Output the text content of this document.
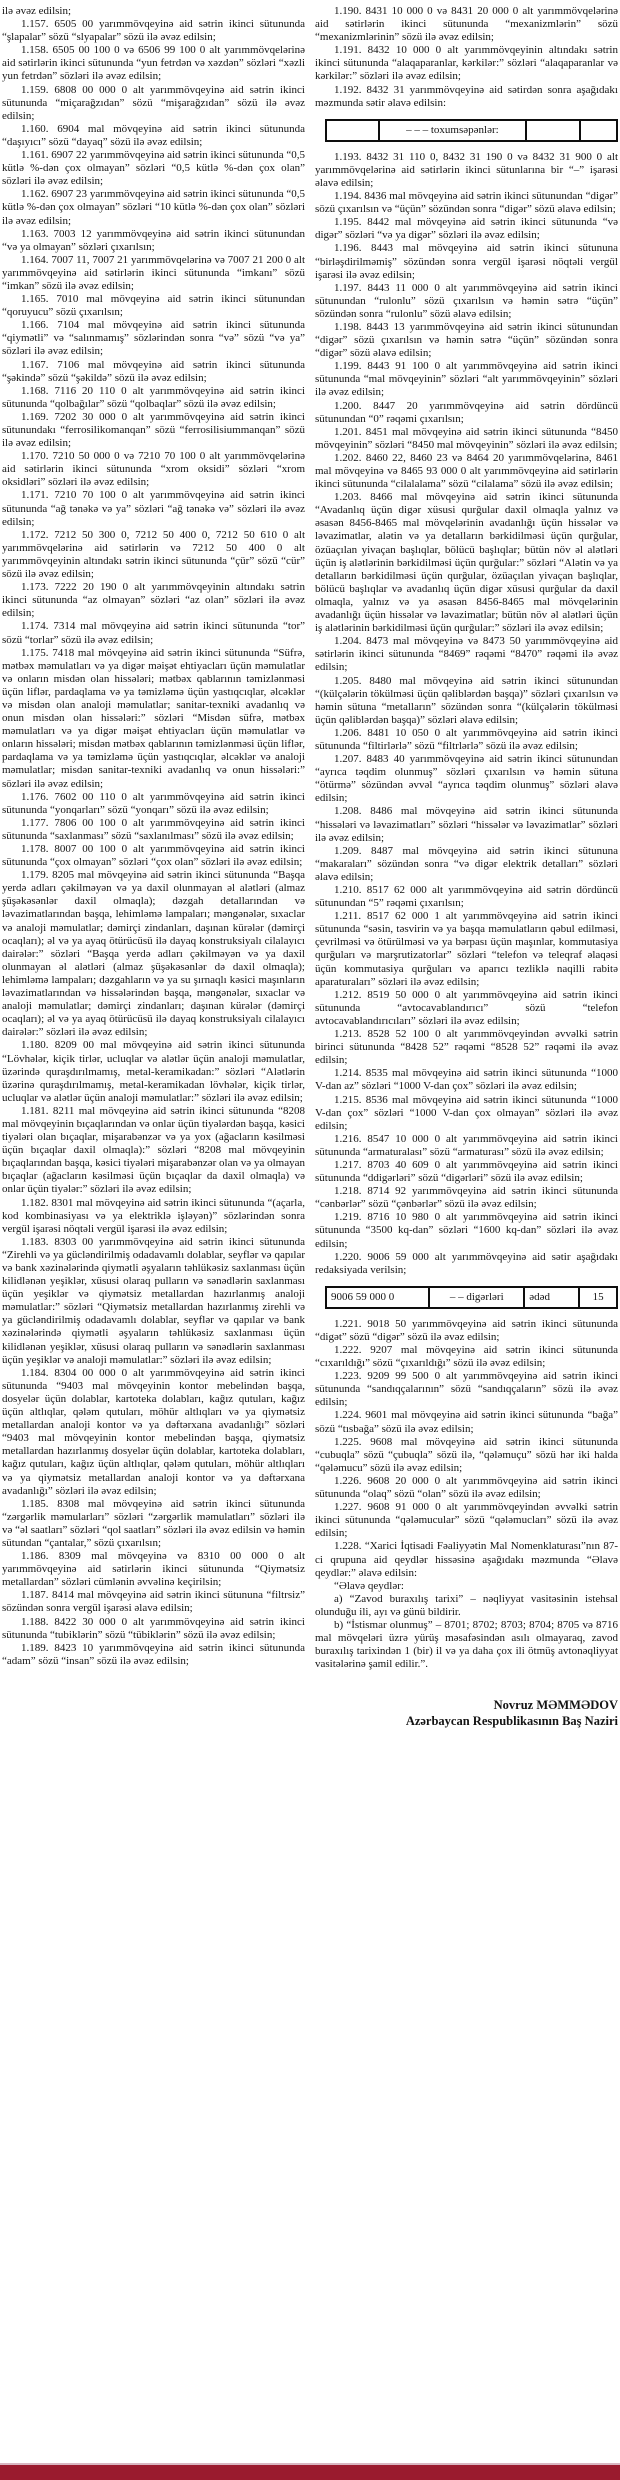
ilə əvəz edilsin;

1.157. 6505 00 yarımmövqeyinə aid sətrin ikinci sütununda “şlapalar” sözü “slyapalar” sözü ilə əvəz edilsin;

1.158. 6505 00 100 0 və 6506 99 100 0 alt yarımmövqelərinə aid sətirlərin ikinci sütununda “yun fetrdən və xəzdən” sözləri “xəzli yun fetrdən” sözləri ilə əvəz edilsin;

1.159. 6808 00 000 0 alt yarımmövqeyinə aid sətrin ikinci sütununda “miçarağzıdan” sözü “mişarağzıdan” sözü ilə əvəz edilsin;

1.160. 6904 mal mövqeyinə aid sətrin ikinci sütununda “daşıyıcı” sözü “dayaq” sözü ilə əvəz edilsin;

1.161. 6907 22 yarımmövqeyinə aid sətrin ikinci sütununda “0,5 kütlə %-dən çox olmayan” sözləri “0,5 kütlə %-dən çox olan” sözləri ilə əvəz edilsin;

1.162. 6907 23 yarımmövqeyinə aid sətrin ikinci sütununda “0,5 kütlə %-dən çox olmayan” sözləri “10 kütlə %-dən çox olan” sözləri ilə əvəz edilsin;

1.163. 7003 12 yarımmövqeyinə aid sətrin ikinci sütunundan “və ya olmayan” sözləri çıxarılsın;

1.164. 7007 11, 7007 21 yarımmövqelərinə və 7007 21 200 0 alt yarımmövqeyinə aid sətirlərin ikinci sütununda “imkanı” sözü “imkan” sözü ilə əvəz edilsin;

1.165. 7010 mal mövqeyinə aid sətrin ikinci sütunundan “qoruyucu” sözü çıxarılsın;

1.166. 7104 mal mövqeyinə aid sətrin ikinci sütununda “qiymətli” və “salınmamış” sözlərindən sonra “və” sözü “və ya” sözləri ilə əvəz edilsin;

1.167. 7106 mal mövqeyinə aid sətrin ikinci sütununda “şəkində” sözü “şəkildə” sözü ilə əvəz edilsin;

1.168. 7116 20 110 0 alt yarımmövqeyinə aid sətrin ikinci sütununda “qolbağılar” sözü “qolbaqlar” sözü ilə əvəz edilsin;

1.169. 7202 30 000 0 alt yarımmövqeyinə aid sətrin ikinci sütunundakı “ferrosilikomanqan” sözü “ferrosilisiummanqan” sözü ilə əvəz edilsin;

1.170. 7210 50 000 0 və 7210 70 100 0 alt yarımmövqelərinə aid sətirlərin ikinci sütununda “xrom oksidi” sözləri “xrom oksidləri” sözləri ilə əvəz edilsin;

1.171. 7210 70 100 0 alt yarımmövqeyinə aid sətrin ikinci sütununda “ağ tənəkə və ya” sözləri “ağ tənəkə və” sözləri ilə əvəz edilsin;

1.172. 7212 50 300 0, 7212 50 400 0, 7212 50 610 0 alt yarımmövqelərinə aid sətirlərin və 7212 50 400 0 alt yarımmövqeyinin altındakı sətrin ikinci sütununda “çür” sözü “cür” sözü ilə əvəz edilsin;

1.173. 7222 20 190 0 alt yarımmövqeyinin altındakı sətrin ikinci sütununda “az olmayan” sözləri “az olan” sözləri ilə əvəz edilsin;

1.174. 7314 mal mövqeyinə aid sətrin ikinci sütununda “tor” sözü “torlar” sözü ilə əvəz edilsin;

1.175. 7418 mal mövqeyinə aid sətrin ikinci sütununda “Süfrə, mətbəx məmulatları və ya digər məişət ehtiyacları üçün məmulatlar və onların misdən olan hissələri; mətbəx qablarının təmizlənməsi üçün liflər, pardaqlama və ya təmizləmə üçün yastıqcıqlar, əlcəklər və misdən olan analoji məmulatlar; sanitar-texniki avadanlıq və onun misdən olan hissələri:” sözləri “Misdən süfrə, mətbəx məmulatları və ya digər məişət ehtiyacları üçün məmulatlar və onların hissələri; misdən mətbəx qablarının təmizlənməsi üçün liflər, pardaqlama və ya təmizləmə üçün yastıqcıqlar, əlcəklər və analoji məmulatlar; misdən sanitar-texniki avadanlıq və onun hissələri:” sözləri ilə əvəz edilsin;

1.176. 7602 00 110 0 alt yarımmövqeyinə aid sətrin ikinci sütununda “yonqarları” sözü “yonqarı” sözü ilə əvəz edilsin;

1.177. 7806 00 100 0 alt yarımmövqeyinə aid sətrin ikinci sütununda “saxlanması” sözü “saxlanılması” sözü ilə əvəz edilsin;

1.178. 8007 00 100 0 alt yarımmövqeyinə aid sətrin ikinci sütununda “çox olmayan” sözləri “çox olan” sözləri ilə əvəz edilsin;

1.179. 8205 mal mövqeyinə aid sətrin ikinci sütununda “Başqa yerdə adları çəkilməyən və ya daxil olunmayan əl alətləri (almaz şüşəkəsənlər daxil olmaqla); dəzgah detallarından və ləvazimatlarından başqa, lehimləmə lampaları; məngənələr, sıxaclar və analoji məmulatlar; dəmirçi zindanları, daşınan kürələr (dəmirçi ocaqları); əl və ya ayaq ötürücüsü ilə dayaq konstruksiyalı cilalayıcı dairələr:” sözləri “Başqa yerdə adları çəkilməyən və ya daxil olunmayan əl alətləri (almaz şüşəkəsənlər də daxil olmaqla); lehimləmə lampaları; dəzgahların və ya su şırnaqlı kəsici maşınların ləvazimatlarından və hissələrindən başqa, məngənələr, sıxaclar və analoji məmulatlar; dəmirçi zindanları; daşınan kürələr (dəmirçi ocaqları); əl və ya ayaq ötürücüsü ilə dayaq konstruksiyalı cilalayıcı dairələr:” sözləri ilə əvəz edilsin;

1.180. 8209 00 mal mövqeyinə aid sətrin ikinci sütununda “Lövhələr, kiçik tirlər, ucluqlar və alətlər üçün analoji məmulatlar, üzərində quraşdırılmamış, metal-keramikadan:” sözləri “Alətlərin üzərinə quraşdırılmamış, metal-keramikadan lövhələr, kiçik tirlər, ucluqlar və alətlər üçün analoji məmulatlar:” sözləri ilə əvəz edilsin;

1.181. 8211 mal mövqeyinə aid sətrin ikinci sütununda “8208 mal mövqeyinin bıçaqlarından və onlar üçün tiyələrdən başqa, kəsici tiyələri olan bıçaqlar, mişarabənzər və ya yox (ağacların kəsilməsi üçün bıçaqlar daxil olmaqla):” sözləri “8208 mal mövqeyinin bıçaqlarından başqa, kəsici tiyələri mişarabənzər olan və ya olmayan bıçaqlar (ağacların kəsilməsi üçün bıçaqlar da daxil olmaqla) və onlar üçün tiyələr:” sözləri ilə əvəz edilsin;

1.182. 8301 mal mövqeyinə aid sətrin ikinci sütununda “(açarla, kod kombinasiyası və ya elektriklə işləyən)” sözlərindən sonra vergül işarəsi nöqtəli vergül işarəsi ilə əvəz edilsin;

1.183. 8303 00 yarımmövqeyinə aid sətrin ikinci sütununda “Zirehli və ya gücləndirilmiş odadavamlı dolablar, seyflər və qapılar və bank xəzinələrində qiymətli əşyaların təhlükəsiz saxlanması üçün kilidlənən yeşiklər, xüsusi olaraq pulların və sənədlərin saxlanması üçün yeşiklər və qiymətsiz metallardan hazırlanmış analoji məmulatlar:” sözləri “Qiymətsiz metallardan hazırlanmış zirehli və ya gücləndirilmiş odadavamlı dolablar, seyflər və qapılar və bank xəzinələrində qiymətli əşyaların təhlükəsiz saxlanması üçün kilidlənən yeşiklər, xüsusi olaraq pulların və sənədlərin saxlanması üçün yeşiklər və analoji məmulatlar:” sözləri ilə əvəz edilsin;

1.184. 8304 00 000 0 alt yarımmövqeyinə aid sətrin ikinci sütununda “9403 mal mövqeyinin kontor mebelindən başqa, dosyelər üçün dolablar, kartoteka dolabları, kağız qutuları, kağız üçün altlıqlar, qələm qutuları, möhür altlıqları və ya qiymətsiz metallardan analoji kontor və ya dəftərxana avadanlığı” sözləri “9403 mal mövqeyinin kontor mebelindən başqa, qiymətsiz metallardan hazırlanmış dosyelər üçün dolablar, kartoteka dolabları, kağız qutuları, kağız üçün altlıqlar, qələm qutuları, möhür altlıqları və ya qiymətsiz metallardan analoji kontor və ya dəftərxana avadanlığı” sözləri ilə əvəz edilsin;

1.185. 8308 mal mövqeyinə aid sətrin ikinci sütununda “zərgərlik məmularları” sözləri “zərgərlik məmulatları” sözləri ilə və “əl saatları” sözləri “qol saatları” sözləri ilə əvəz edilsin və həmin sütundan “çantalar,” sözü çıxarılsın;

1.186. 8309 mal mövqeyinə və 8310 00 000 0 alt yarımmövqeyinə aid sətirlərin ikinci sütununda “Qiymətsiz metallardan” sözləri cümlənin əvvəlinə keçirilsin;

1.187. 8414 mal mövqeyinə aid sətrin ikinci sütununa “filtrsiz” sözündən sonra vergül işarəsi əlavə edilsin;

1.188. 8422 30 000 0 alt yarımmövqeyinə aid sətrin ikinci sütununda “tubiklərin” sözü “tübiklərin” sözü ilə əvəz edilsin;

1.189. 8423 10 yarımmövqeyinə aid sətrin ikinci sütununda “adam” sözü “insan” sözü ilə əvəz edilsin;

1.190. 8431 10 000 0 və 8431 20 000 0 alt yarımmövqelərinə aid sətirlərin ikinci sütununda “mexanizmlərin” sözü “mexanizmlərinin” sözü ilə əvəz edilsin;

1.191. 8432 10 000 0 alt yarımmövqeyinin altındakı sətrin ikinci sütununda “alaqaparanlar, kərkilər:” sözləri “alaqaparanlar və kərkilər:” sözləri ilə əvəz edilsin;

1.192. 8432 31 yarımmövqeyinə aid sətirdən sonra aşağıdakı məzmunda sətir əlavə edilsin:

	– – – toxumsəpənlər:		

1.193. 8432 31 110 0, 8432 31 190 0 və 8432 31 900 0 alt yarımmövqelərinə aid sətirlərin ikinci sütunlarına bir “–” işarəsi əlavə edilsin;

1.194. 8436 mal mövqeyinə aid sətrin ikinci sütunundan “digər” sözü çıxarılsın və “üçün” sözündən sonra “digər” sözü əlavə edilsin;

1.195. 8442 mal mövqeyinə aid sətrin ikinci sütununda “və digər” sözləri “və ya digər” sözləri ilə əvəz edilsin;

1.196. 8443 mal mövqeyinə aid sətrin ikinci sütununa “birləşdirilməmiş” sözündən sonra vergül işarəsi nöqtəli vergül işarəsi ilə əvəz edilsin;

1.197. 8443 11 000 0 alt yarımmövqeyinə aid sətrin ikinci sütunundan “rulonlu” sözü çıxarılsın və həmin sətrə “üçün” sözündən sonra “rulonlu” sözü əlavə edilsin;

1.198. 8443 13 yarımmövqeyinə aid sətrin ikinci sütunundan “digər” sözü çıxarılsın və həmin sətrə “üçün” sözündən sonra “digər” sözü əlavə edilsin;

1.199. 8443 91 100 0 alt yarımmövqeyinə aid sətrin ikinci sütununda “mal mövqeyinin” sözləri “alt yarımmövqeyinin” sözləri ilə əvəz edilsin;

1.200. 8447 20 yarımmövqeyinə aid sətrin dördüncü sütunundan “0” rəqəmi çıxarılsın;

1.201. 8451 mal mövqeyinə aid sətrin ikinci sütununda “8450 mövqeyinin” sözləri “8450 mal mövqeyinin” sözləri ilə əvəz edilsin;

1.202. 8460 22, 8460 23 və 8464 20 yarımmövqelərinə, 8461 mal mövqeyinə və 8465 93 000 0 alt yarımmövqeyinə aid sətirlərin ikinci sütununda “cilalalama” sözü “cilalama” sözü ilə əvəz edilsin;

1.203. 8466 mal mövqeyinə aid sətrin ikinci sütununda “Avadanlıq üçün digər xüsusi qurğular daxil olmaqla yalnız və əsasən 8456-8465 mal mövqelərinin avadanlığı üçün hissələr və ləvazimatlar, alətin və ya detalların bərkidilməsi üçün qurğular, özüaçılan yivaçan başlıqlar, bölücü başlıqlar; bütün növ əl alətləri üçün iş alətlərinin bərkidilməsi üçün qurğular:” sözləri “Alətin və ya detalların bərkidilməsi üçün qurğular, özüaçılan yivaçan başlıqlar, bölücü başlıqlar və avadanlıq üçün digər xüsusi qurğular da daxil olmaqla, yalnız və ya əsasən 8456-8465 mal mövqelərinin avadanlığı üçün hissələr və ləvazimatlar; bütün növ əl alətləri üçün iş alətlərinin bərkidilməsi üçün qurğular:” sözləri ilə əvəz edilsin;

1.204. 8473 mal mövqeyinə və 8473 50 yarımmövqeyinə aid sətirlərin ikinci sütununda “8469” rəqəmi “8470” rəqəmi ilə əvəz edilsin;

1.205. 8480 mal mövqeyinə aid sətrin ikinci sütunundan “(külçələrin tökülməsi üçün qəliblərdən başqa)” sözləri çıxarılsın və həmin sütuna “metalların” sözündən sonra “(külçələrin tökülməsi üçün qəliblərdən başqa)” sözləri əlavə edilsin;

1.206. 8481 10 050 0 alt yarımmövqeyinə aid sətrin ikinci sütununda “filtirlərlə” sözü “filtrlərlə” sözü ilə əvəz edilsin;

1.207. 8483 40 yarımmövqeyinə aid sətrin ikinci sütunundan “ayrıca təqdim olunmuş” sözləri çıxarılsın və həmin sütuna “ötürmə” sözündən əvvəl “ayrıca təqdim olunmuş” sözləri əlavə edilsin;

1.208. 8486 mal mövqeyinə aid sətrin ikinci sütununda “hissələri və ləvazimatları” sözləri “hissələr və ləvazimatlar” sözləri ilə əvəz edilsin;

1.209. 8487 mal mövqeyinə aid sətrin ikinci sütununa “makaraları” sözündən sonra “və digər elektrik detalları” sözləri əlavə edilsin;

1.210. 8517 62 000 alt yarımmövqeyinə aid sətrin dördüncü sütunundan “5” rəqəmi çıxarılsın;

1.211. 8517 62 000 1 alt yarımmövqeyinə aid sətrin ikinci sütununda “səsin, təsvirin və ya başqa məmulatların qəbul edilməsi, çevrilməsi və ötürülməsi və ya bərpası üçün maşınlar, kommutasiya qurğuları və marşrutizatorlar” sözləri “telefon və teleqraf əlaqəsi üçün kommutasiya qurğuları və aparıcı tezliklə naqilli rabitə aparaturaları” sözləri ilə əvəz edilsin;

1.212. 8519 50 000 0 alt yarımmövqeyinə aid sətrin ikinci sütununda “avtocavablandırıcı” sözü “telefon avtocavablandırıcıları” sözləri ilə əvəz edilsin;

1.213. 8528 52 100 0 alt yarımmövqeyindən əvvəlki sətrin birinci sütununda “8428 52” rəqəmi “8528 52” rəqəmi ilə əvəz edilsin;

1.214. 8535 mal mövqeyinə aid sətrin ikinci sütununda “1000 V-dan az” sözləri “1000 V-dan çox” sözləri ilə əvəz edilsin;

1.215. 8536 mal mövqeyinə aid sətrin ikinci sütununda “1000 V-dan çox” sözləri “1000 V-dan çox olmayan” sözləri ilə əvəz edilsin;

1.216. 8547 10 000 0 alt yarımmövqeyinə aid sətrin ikinci sütununda “armaturalası” sözü “armaturası” sözü ilə əvəz edilsin;

1.217. 8703 40 609 0 alt yarımmövqeyinə aid sətrin ikinci sütununda “ddigərləri” sözü “digərləri” sözü ilə əvəz edilsin;

1.218. 8714 92 yarımmövqeyinə aid sətrin ikinci sütununda “cənbərlər” sözü “çənbərlər” sözü ilə əvəz edilsin;

1.219. 8716 10 980 0 alt yarımmövqeyinə aid sətrin ikinci sütununda “3500 kq-dan” sözləri “1600 kq-dan” sözləri ilə əvəz edilsin;

1.220. 9006 59 000 alt yarımmövqeyinə aid sətir aşağıdakı redaksiyada verilsin;

9006 59 000 0	– – digərləri	ədəd	15

1.221. 9018 50 yarımmövqeyinə aid sətrin ikinci sütununda “digət” sözü “digər” sözü ilə əvəz edilsin;

1.222. 9207 mal mövqeyinə aid sətrin ikinci sütununda “cıxarıldığı” sözü “çıxarıldığı” sözü ilə əvəz edilsin;

1.223. 9209 99 500 0 alt yarımmövqeyinə aid sətrin ikinci sütununda “sandıqçalarının” sözü “sandıqçaların” sözü ilə əvəz edilsin;

1.224. 9601 mal mövqeyinə aid sətrin ikinci sütununda “bağa” sözü “tısbağa” sözü ilə əvəz edilsin;

1.225. 9608 mal mövqeyinə aid sətrin ikinci sütununda “cubuqla” sözü “çubuqla” sözü ilə, “qələmuçu” sözü hər iki halda “qələmucu” sözü ilə əvəz edilsin;

1.226. 9608 20 000 0 alt yarımmövqeyinə aid sətrin ikinci sütununda “olaq” sözü “olan” sözü ilə əvəz edilsin;

1.227. 9608 91 000 0 alt yarımmövqeyindən əvvəlki sətrin ikinci sütununda “qələmucular” sözü “qələmucları” sözü ilə əvəz edilsin;

1.228. “Xarici İqtisadi Fəaliyyətin Mal Nomenklaturası”nın 87-ci qrupuna aid qeydlər hissəsinə aşağıdakı məzmunda “Əlavə qeydlər:” əlavə edilsin:

“Əlavə qeydlər:

a) “Zavod buraxılış tarixi” – nəqliyyat vasitəsinin istehsal olunduğu ili, ayı və günü bildirir.

b) “İstismar olunmuş” – 8701; 8702; 8703; 8704; 8705 və 8716 mal mövqeləri üzrə yürüş məsafəsindən asılı olmayaraq, zavod buraxılış tarixindən 1 (bir) il və ya daha çox ili ötmüş avtonəqliyyat vasitələrinə şamil edilir.”.

Novruz MƏMMƏDOV
Azərbaycan Respublikasının Baş Naziri
